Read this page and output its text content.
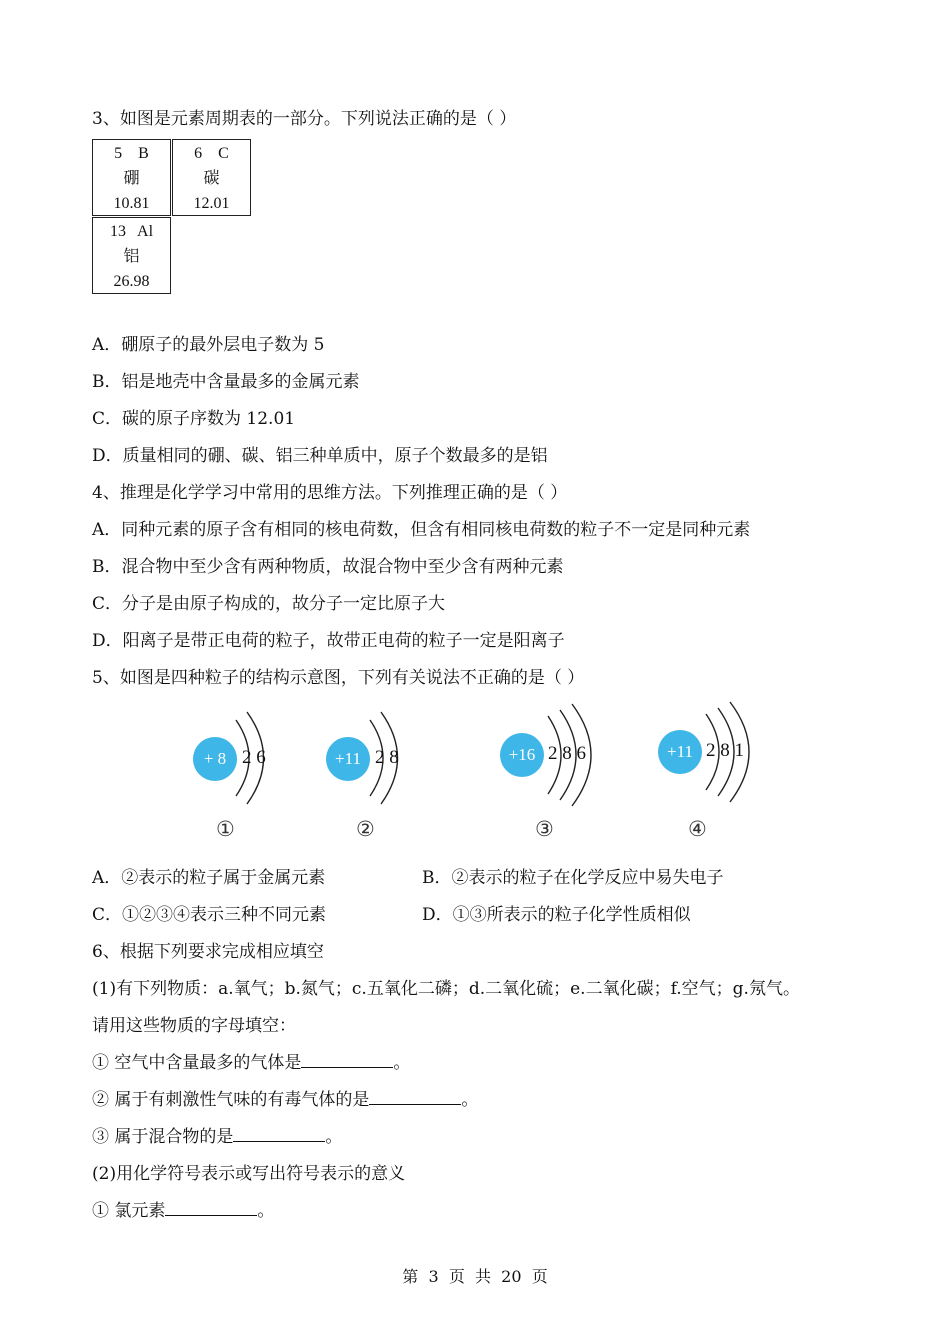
3、如图是元素周期表的一部分。下列说法正确的是（ ）
5    B
硼
10.81
6    C
碳
12.01
13   Al
铝
26.98
A．硼原子的最外层电子数为 5
B．铝是地壳中含量最多的金属元素
C．碳的原子序数为 12.01
D．质量相同的硼、碳、铝三种单质中，原子个数最多的是铝
4、推理是化学学习中常用的思维方法。下列推理正确的是（ ）
A．同种元素的原子含有相同的核电荷数，但含有相同核电荷数的粒子不一定是同种元素
B．混合物中至少含有两种物质，故混合物中至少含有两种元素
C．分子是由原子构成的，故分子一定比原子大
D．阳离子是带正电荷的粒子，故带正电荷的粒子一定是阳离子
5、如图是四种粒子的结构示意图，下列有关说法不正确的是（ ）
+ 8 2 6
①
+11 2 8
②
+16 2 8 6
③
+11 2 8 1
④
A．②表示的粒子属于金属元素	B．②表示的粒子在化学反应中易失电子
C．①②③④表示三种不同元素	D．①③所表示的粒子化学性质相似
6、根据下列要求完成相应填空
(1)有下列物质：a.氧气；b.氮气；c.五氧化二磷；d.二氧化硫；e.二氧化碳；f.空气；g.氖气。
请用这些物质的字母填空：
① 空气中含量最多的气体是	。
② 属于有刺激性气味的有毒气体的是	。
③ 属于混合物的是	。
(2)用化学符号表示或写出符号表示的意义
① 氯元素	。
第  3  页  共  20  页
